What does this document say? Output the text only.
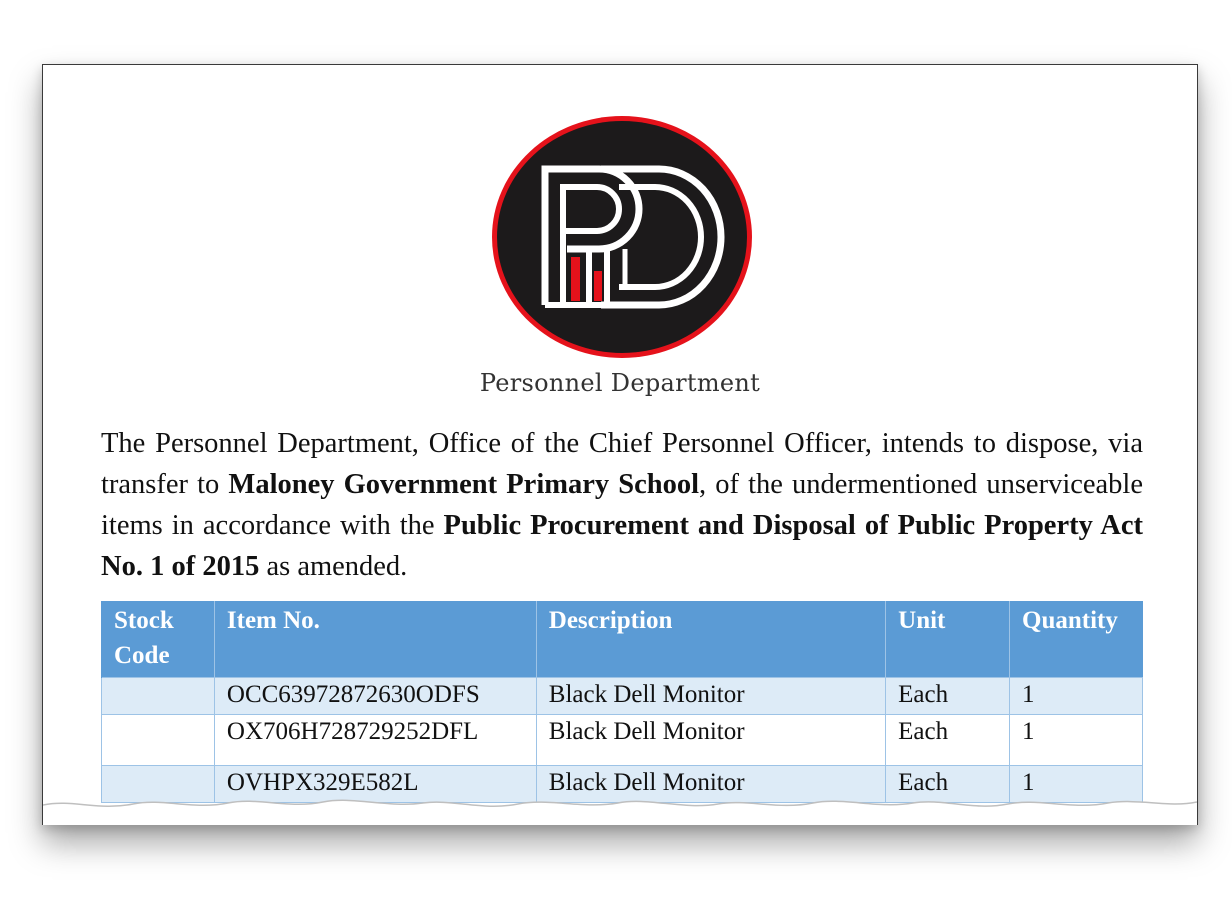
Personnel Department

The Personnel Department, Office of the Chief Personnel Officer, intends to dispose, via transfer to Maloney Government Primary School, of the undermentioned unserviceable items in accordance with the Public Procurement and Disposal of Public Property Act No. 1 of 2015 as amended.

Stock Code	Item No.	Description	Unit	Quantity
	OCC63972872630ODFS	Black Dell Monitor	Each	1
	OX706H728729252DFL	Black Dell Monitor	Each	1
	OVHPX329E582L	Black Dell Monitor	Each	1
